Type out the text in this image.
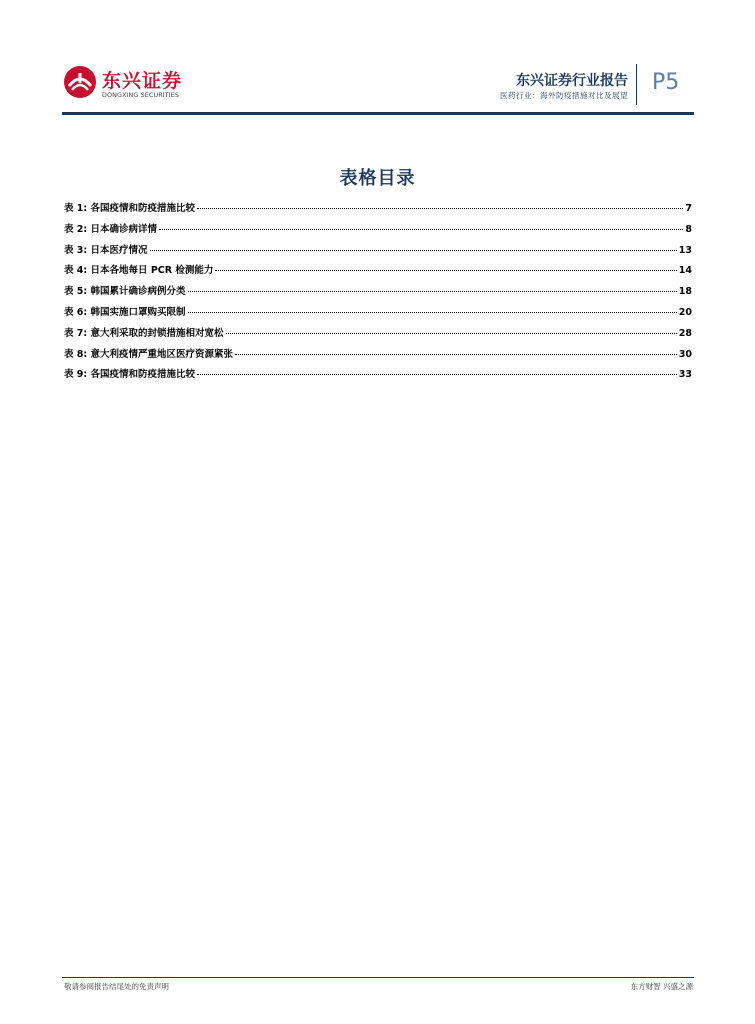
东兴证券
DONGXING SECURITIES
东兴证券行业报告
医药行业：海外防疫措施对比及展望
P5
表格目录
表 1: 各国疫情和防疫措施比较	7
表 2: 日本确诊病详情	8
表 3: 日本医疗情况	13
表 4: 日本各地每日 PCR 检测能力	14
表 5: 韩国累计确诊病例分类	18
表 6: 韩国实施口罩购买限制	20
表 7: 意大利采取的封锁措施相对宽松	28
表 8: 意大利疫情严重地区医疗资源紧张	30
表 9: 各国疫情和防疫措施比较	33
敬请参阅报告结尾处的免责声明	东方财智 兴盛之源
